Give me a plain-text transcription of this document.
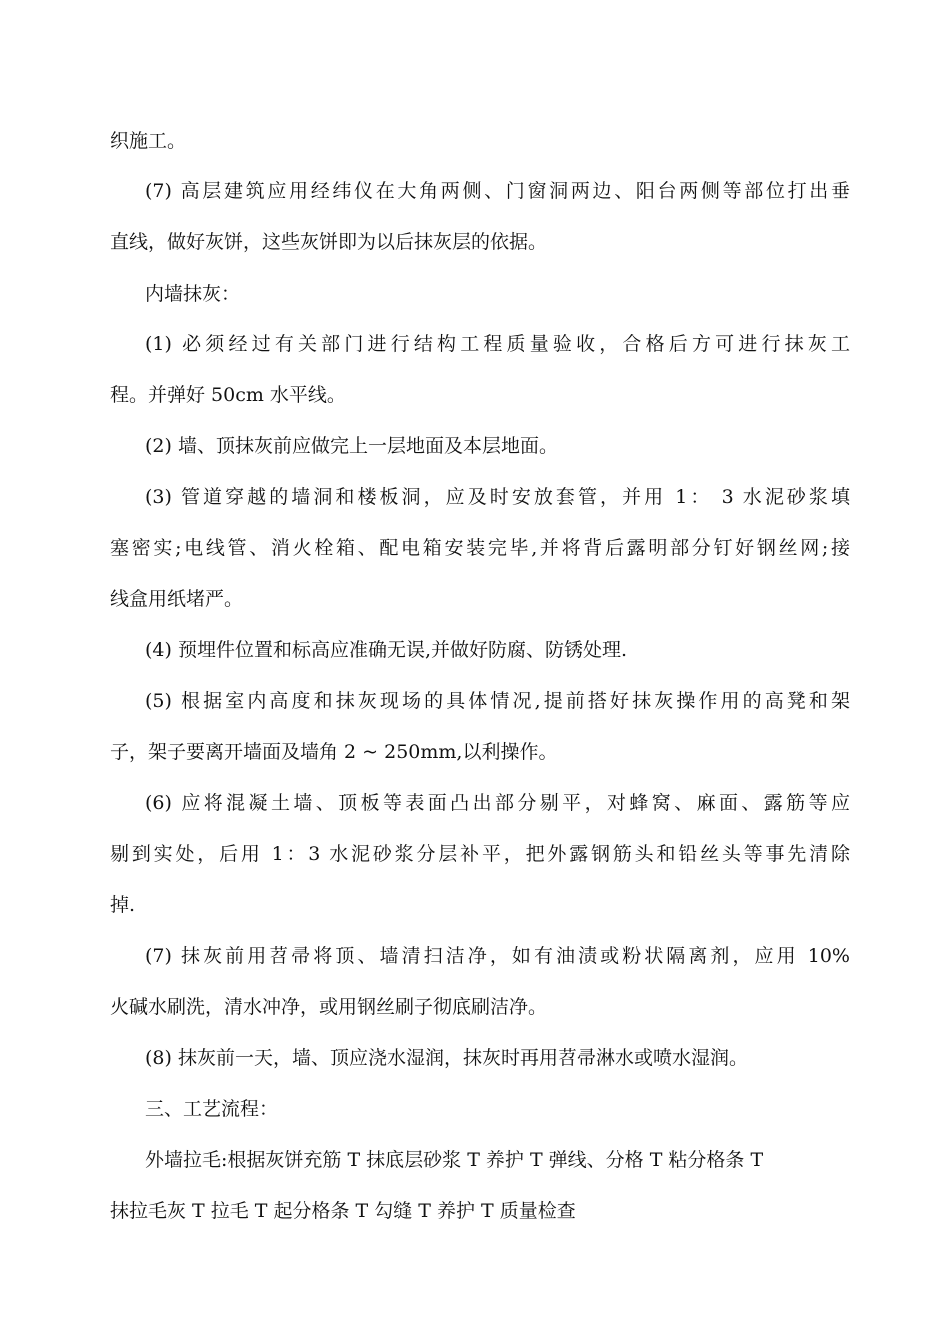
织施工。
(7) 高层建筑应用经纬仪在大角两侧、门窗洞两边、阳台两侧等部位打出垂
直线，做好灰饼，这些灰饼即为以后抹灰层的依据。
内墙抹灰：
(1) 必须经过有关部门进行结构工程质量验收，合格后方可进行抹灰工
程。并弹好 50cm 水平线。
(2) 墙、顶抹灰前应做完上一层地面及本层地面。
(3) 管道穿越的墙洞和楼板洞，应及时安放套管，并用 1： 3 水泥砂浆填
塞密实;电线管、消火栓箱、配电箱安装完毕,并将背后露明部分钉好钢丝网;接
线盒用纸堵严。
(4) 预埋件位置和标高应准确无误,并做好防腐、防锈处理.
(5) 根据室内高度和抹灰现场的具体情况,提前搭好抹灰操作用的高凳和架
子，架子要离开墙面及墙角 2 ~ 250mm,以利操作。
(6) 应将混凝土墙、顶板等表面凸出部分剔平，对蜂窝、麻面、露筋等应
剔到实处，后用 1：3 水泥砂浆分层补平，把外露钢筋头和铅丝头等事先清除
掉.
(7) 抹灰前用苕帚将顶、墙清扫洁净，如有油渍或粉状隔离剂，应用 10%
火碱水刷洗，清水冲净，或用钢丝刷子彻底刷洁净。
(8) 抹灰前一天，墙、顶应浇水湿润，抹灰时再用苕帚淋水或喷水湿润。
三、工艺流程：
外墙拉毛:根据灰饼充筋 T 抹底层砂浆 T 养护 T 弹线、分格 T 粘分格条 T
抹拉毛灰 T 拉毛 T 起分格条 T 勾缝 T 养护 T 质量检查
